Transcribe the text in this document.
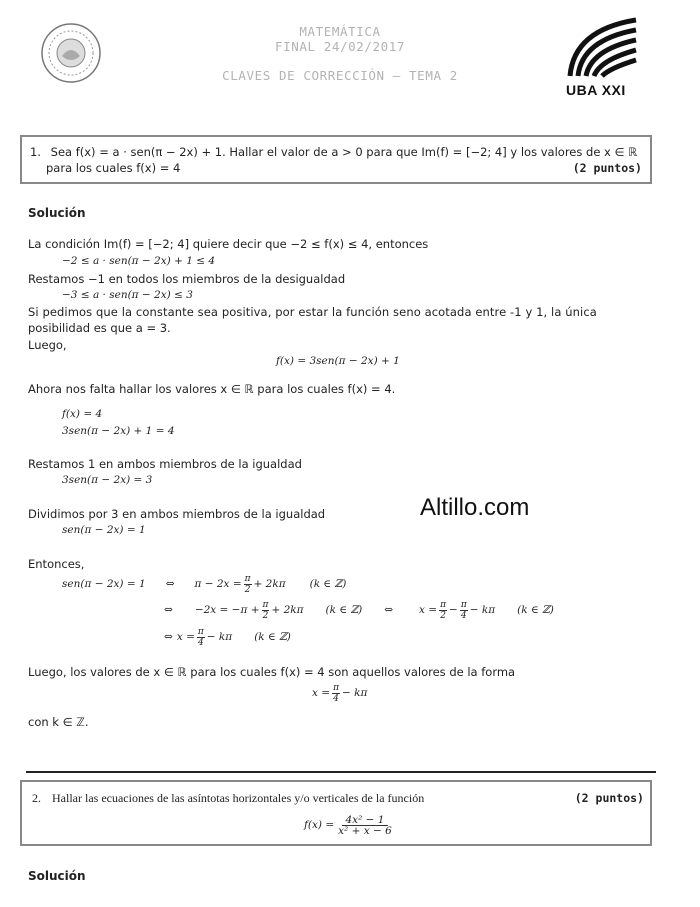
MATEMÁTICA
FINAL 24/02/2017
CLAVES DE CORRECCIÓN – TEMA 2
UBA XXI
1. Sea f(x) = a · sen(π − 2x) + 1. Hallar el valor de a > 0 para que Im(f) = [−2; 4] y los valores de x ∈ ℝ
para los cuales f(x) = 4	(2 puntos)
Solución
La condición Im(f) = [−2; 4] quiere decir que −2 ≤ f(x) ≤ 4, entonces
−2 ≤ a · sen(π − 2x) + 1 ≤ 4
Restamos −1 en todos los miembros de la desigualdad
−3 ≤ a · sen(π − 2x) ≤ 3
Si pedimos que la constante sea positiva, por estar la función seno acotada entre -1 y 1, la única
posibilidad es que a = 3.
Luego,
f(x) = 3sen(π − 2x) + 1
Ahora nos falta hallar los valores x ∈ ℝ para los cuales f(x) = 4.
f(x) = 4
3sen(π − 2x) + 1 = 4
Restamos 1 en ambos miembros de la igualdad
3sen(π − 2x) = 3
Dividimos por 3 en ambos miembros de la igualdad
sen(π − 2x) = 1
Entonces,
Altillo.com
sen(π − 2x) = 1 ⇔ $\pi - 2x = \frac{\pi}{2} + 2k\pi$ (k ∈ ℤ)
⇔ $-2x = -\pi + \frac{\pi}{2} + 2k\pi$ (k ∈ ℤ) ⇔ $x = \frac{\pi}{2} - \frac{\pi}{4} - k\pi$ (k ∈ ℤ)
⇔ $x = \frac{\pi}{4} - k\pi$ (k ∈ ℤ)
Luego, los valores de x ∈ ℝ para los cuales f(x) = 4 son aquellos valores de la forma
$x = \frac{\pi}{4} - k\pi$
con k ∈ ℤ.
2. Hallar las ecuaciones de las asíntotas horizontales y/o verticales de la función	(2 puntos)
$f(x) = \frac{\text{4x² − 1}}{\text{x² + x − 6}}$
Solución
